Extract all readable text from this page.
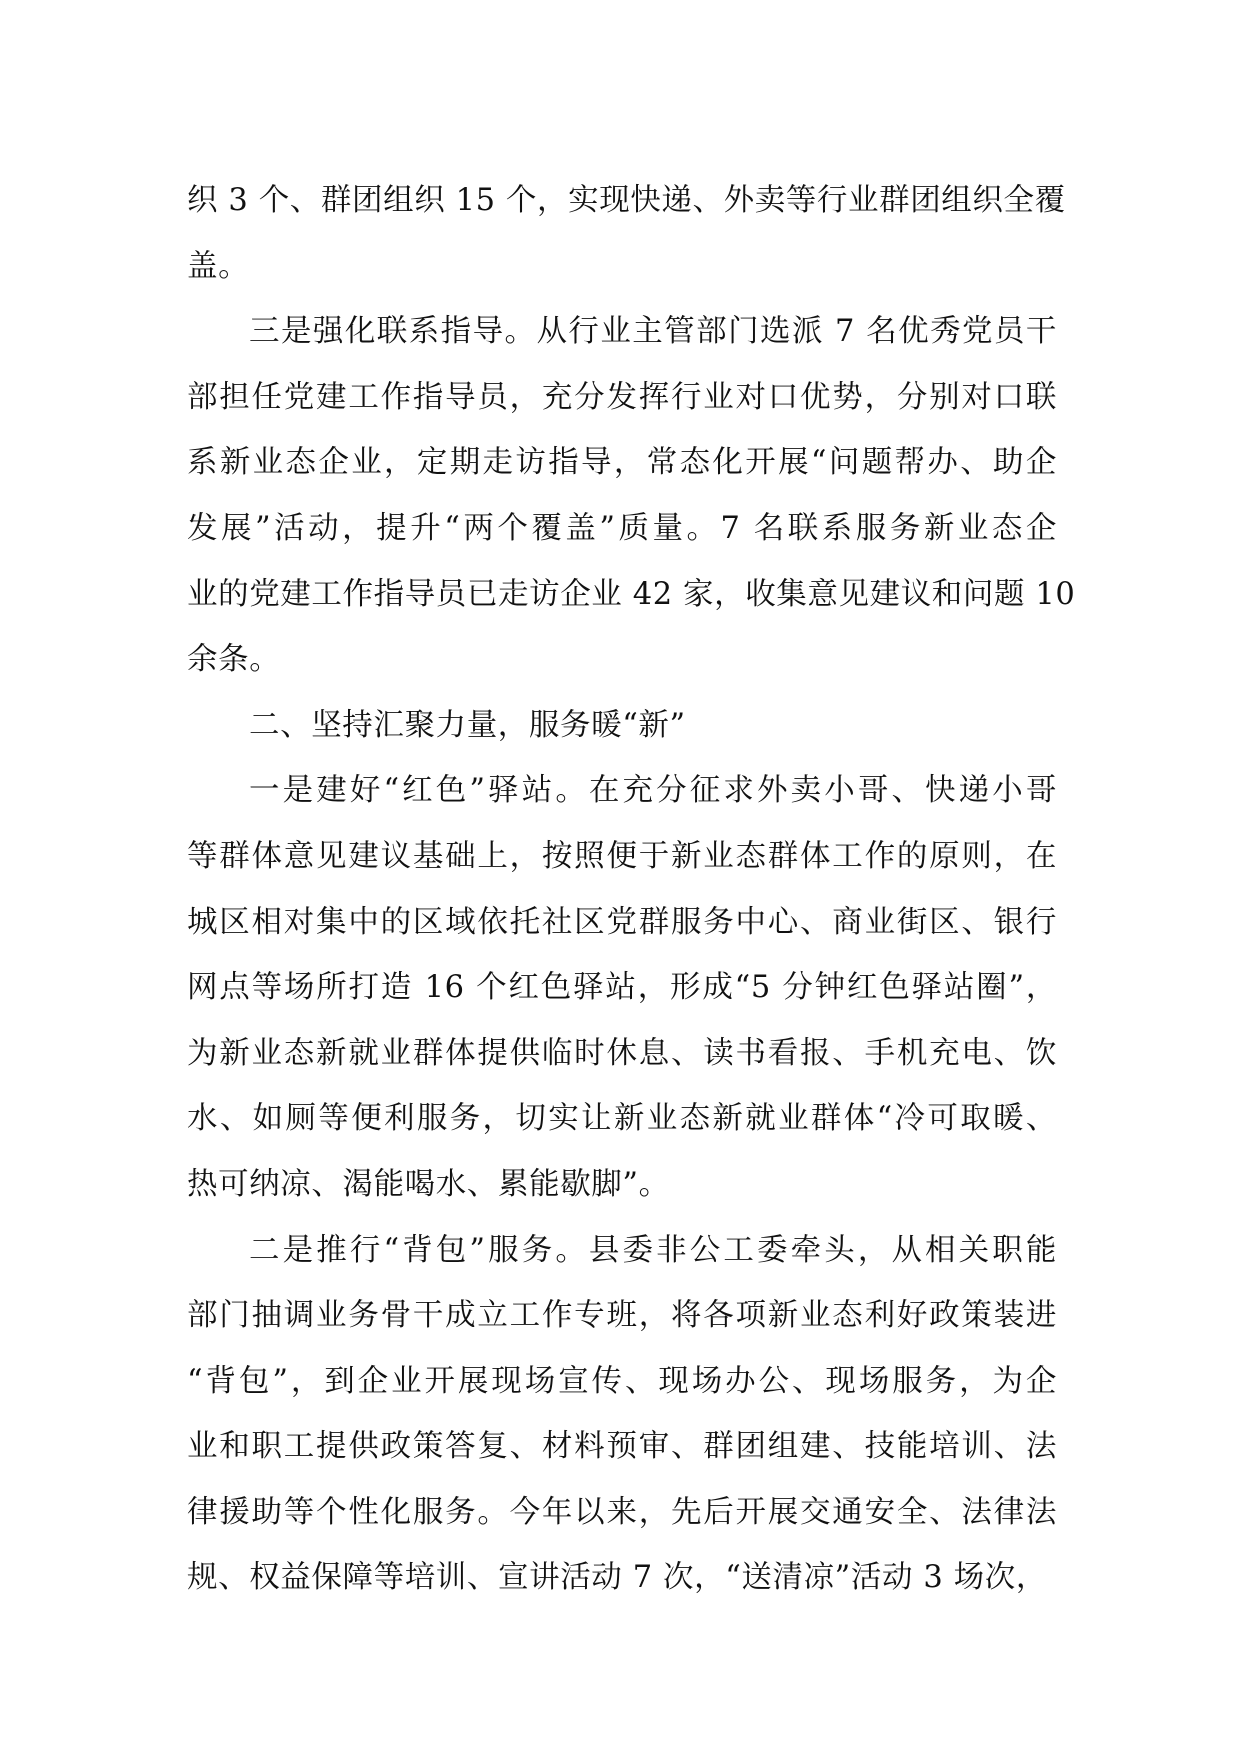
织 3 个、群团组织 15 个，实现快递、外卖等行业群团组织全覆
盖。

三是强化联系指导。从行业主管部门选派 7 名优秀党员干
部担任党建工作指导员，充分发挥行业对口优势，分别对口联
系新业态企业，定期走访指导，常态化开展“问题帮办、助企
发展”活动，提升“两个覆盖”质量。7 名联系服务新业态企
业的党建工作指导员已走访企业 42 家，收集意见建议和问题 10
余条。

二、坚持汇聚力量，服务暖“新”

一是建好“红色”驿站。在充分征求外卖小哥、快递小哥
等群体意见建议基础上，按照便于新业态群体工作的原则，在
城区相对集中的区域依托社区党群服务中心、商业街区、银行
网点等场所打造 16 个红色驿站，形成“5 分钟红色驿站圈”，
为新业态新就业群体提供临时休息、读书看报、手机充电、饮
水、如厕等便利服务，切实让新业态新就业群体“冷可取暖、
热可纳凉、渴能喝水、累能歇脚”。

二是推行“背包”服务。县委非公工委牵头，从相关职能
部门抽调业务骨干成立工作专班，将各项新业态利好政策装进
“背包”，到企业开展现场宣传、现场办公、现场服务，为企
业和职工提供政策答复、材料预审、群团组建、技能培训、法
律援助等个性化服务。今年以来，先后开展交通安全、法律法
规、权益保障等培训、宣讲活动 7 次，“送清凉”活动 3 场次，
